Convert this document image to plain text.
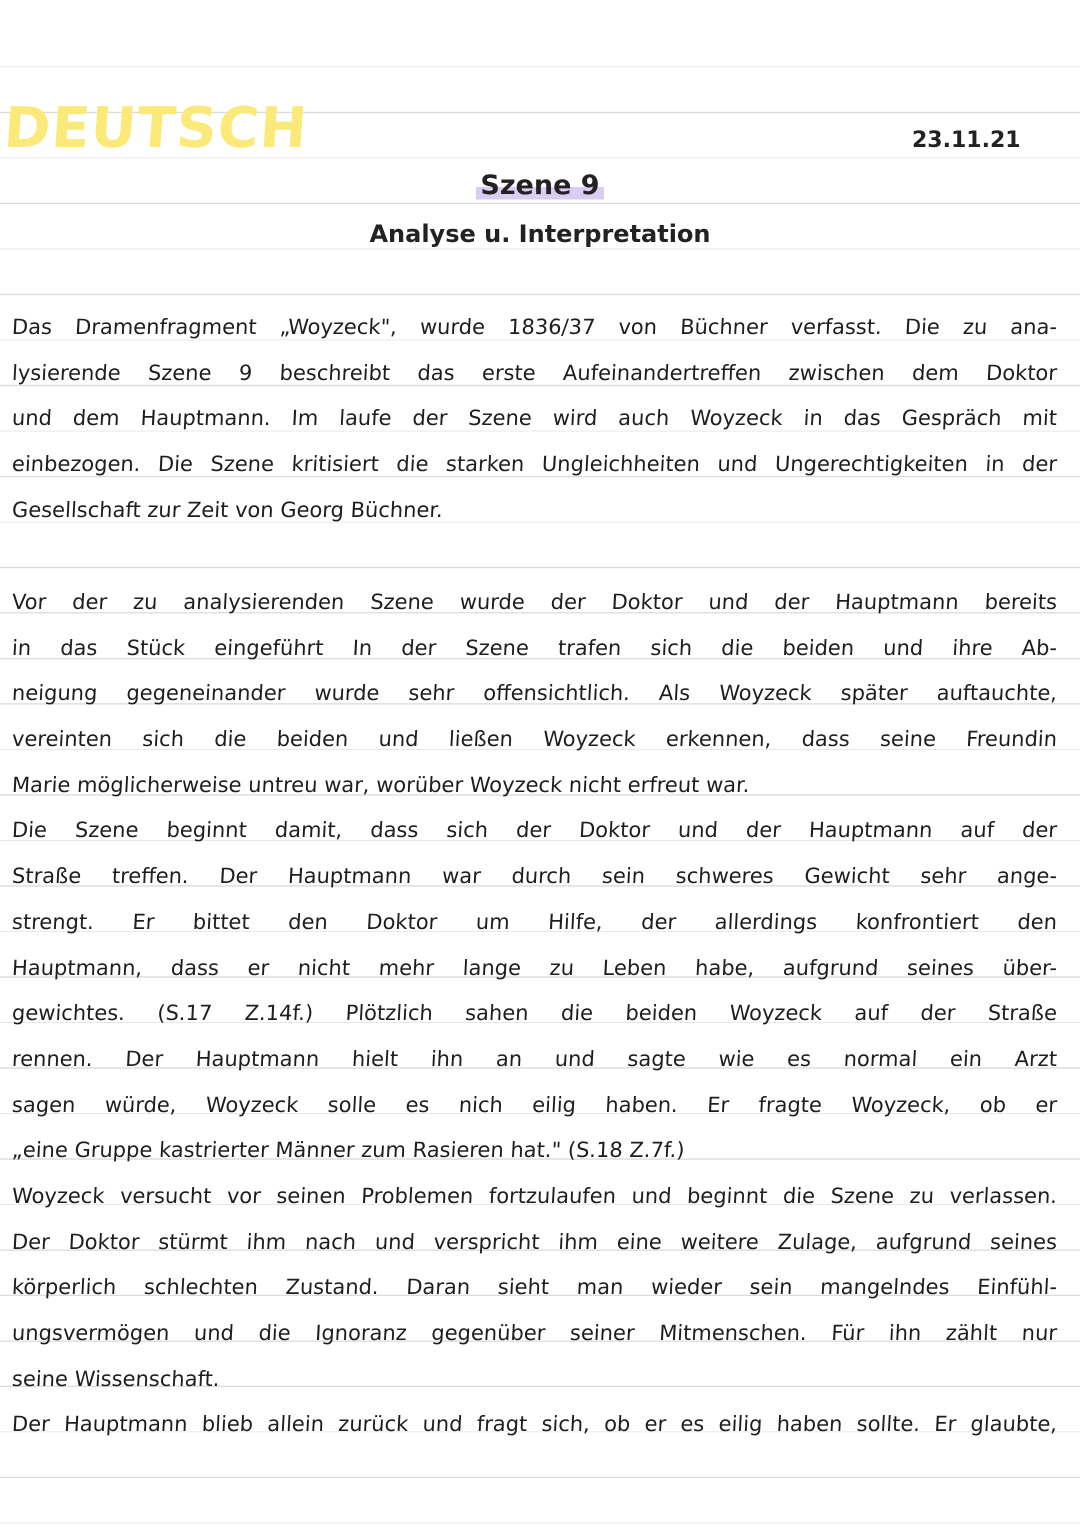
DEUTSCH	23.11.21
Szene 9
Analyse u. Interpretation
Das Dramenfragment „Woyzeck", wurde 1836/37 von Büchner verfasst. Die zu ana-
lysierende Szene 9 beschreibt das erste Aufeinandertreffen zwischen dem Doktor
und dem Hauptmann. Im laufe der Szene wird auch Woyzeck in das Gespräch mit
einbezogen. Die Szene kritisiert die starken Ungleichheiten und Ungerechtigkeiten in der
Gesellschaft zur Zeit von Georg Büchner.
Vor der zu analysierenden Szene wurde der Doktor und der Hauptmann bereits
in das Stück eingeführt In der Szene trafen sich die beiden und ihre Ab-
neigung gegeneinander wurde sehr offensichtlich. Als Woyzeck später auftauchte,
vereinten sich die beiden und ließen Woyzeck erkennen, dass seine Freundin
Marie möglicherweise untreu war, worüber Woyzeck nicht erfreut war.
Die Szene beginnt damit, dass sich der Doktor und der Hauptmann auf der
Straße treffen. Der Hauptmann war durch sein schweres Gewicht sehr ange-
strengt. Er bittet den Doktor um Hilfe, der allerdings konfrontiert den
Hauptmann, dass er nicht mehr lange zu Leben habe, aufgrund seines über-
gewichtes. (S.17 Z.14f.) Plötzlich sahen die beiden Woyzeck auf der Straße
rennen. Der Hauptmann hielt ihn an und sagte wie es normal ein Arzt
sagen würde, Woyzeck solle es nich eilig haben. Er fragte Woyzeck, ob er
„eine Gruppe kastrierter Männer zum Rasieren hat." (S.18 Z.7f.)
Woyzeck versucht vor seinen Problemen fortzulaufen und beginnt die Szene zu verlassen.
Der Doktor stürmt ihm nach und verspricht ihm eine weitere Zulage, aufgrund seines
körperlich schlechten Zustand. Daran sieht man wieder sein mangelndes Einfühl-
ungsvermögen und die Ignoranz gegenüber seiner Mitmenschen. Für ihn zählt nur
seine Wissenschaft.
Der Hauptmann blieb allein zurück und fragt sich, ob er es eilig haben sollte. Er glaubte,
